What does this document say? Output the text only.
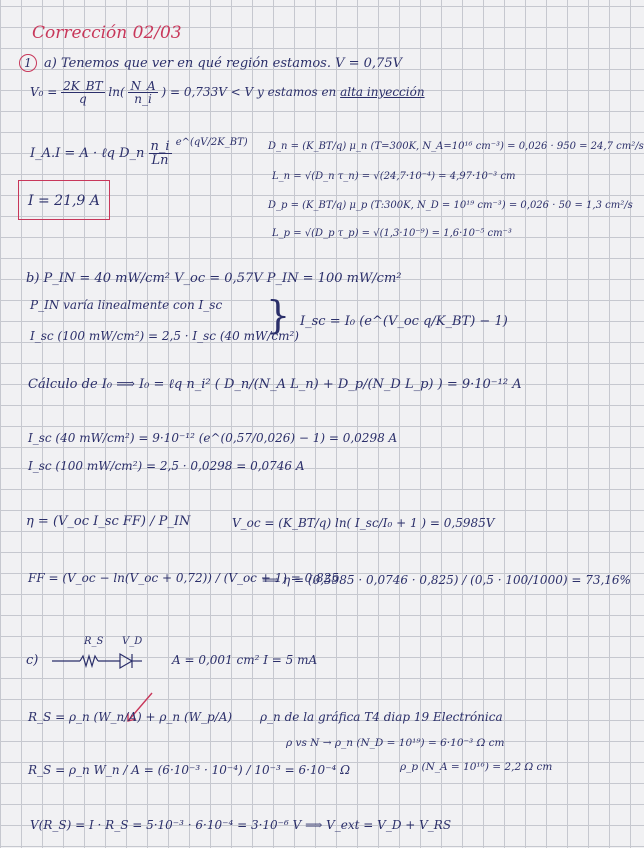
Corrección 02/03
1 a) Tenemos que ver en qué región estamos. V = 0,75V
$V_0 = \frac{2K\_BT}{q} \ln( \frac{N\_A}{n\_i}$ ) = 0,733V < V y estamos en alta inyección
I_A.I = A · ℓq D_n $\frac{n\_i}{Ln} ^{e\^{}(qV/2K\_BT)}$
I = 21,9 A
D_n = (K_BT/q) μ_n (T=300K, N_A=10¹⁶ cm⁻³) = 0,026 · 950 = 24,7 cm²/s
L_n = √(D_n τ_n) = √(24,7·10⁻⁴) = 4,97·10⁻³ cm
D_p = (K_BT/q) μ_p (T:300K, N_D = 10¹⁹ cm⁻³) = 0,026 · 50 = 1,3 cm²/s
L_p = √(D_p τ_p) = √(1,3·10⁻⁹) = 1,6·10⁻⁵ cm⁻³
b) P_IN = 40 mW/cm² V_oc = 0,57V P_IN = 100 mW/cm²
P_IN varía linealmente con I_sc
I_sc (100 mW/cm²) = 2,5 · I_sc (40 mW/cm²)
} I_sc = I₀ (e^(V_oc q/K_BT) − 1)
Cálculo de I₀ ⟹ I₀ = ℓq n_i² ( D_n/(N_A L_n) + D_p/(N_D L_p) ) = 9·10⁻¹² A
I_sc (40 mW/cm²) = 9·10⁻¹² (e^(0,57/0,026) − 1) = 0,0298 A
I_sc (100 mW/cm²) = 2,5 · 0,0298 = 0,0746 A
η = (V_oc I_sc FF) / P_IN	V_oc = (K_BT/q) ln( I_sc/I₀ + 1 ) = 0,5985V
FF = (V_oc − ln(V_oc + 0,72)) / (V_oc + 1) = 0,825
⟹ η = (0,5985 · 0,0746 · 0,825) / (0,5 · 100/1000) = 73,16%
c)
R_S V_D
A = 0,001 cm² I = 5 mA
R_S = ρ_n (W_n/A) + ρ_n (W_p/A) ρ_n de la gráfica T4 diap 19 Electrónica
ρ vs N → ρ_n (N_D = 10¹⁹) = 6·10⁻³ Ω cm
ρ_p (N_A = 10¹⁶) = 2,2 Ω cm
R_S = ρ_n W_n / A = (6·10⁻³ · 10⁻⁴) / 10⁻³ = 6·10⁻⁴ Ω
V(R_S) = I · R_S = 5·10⁻³ · 6·10⁻⁴ = 3·10⁻⁶ V ⟹ V_ext = V_D + V_RS
